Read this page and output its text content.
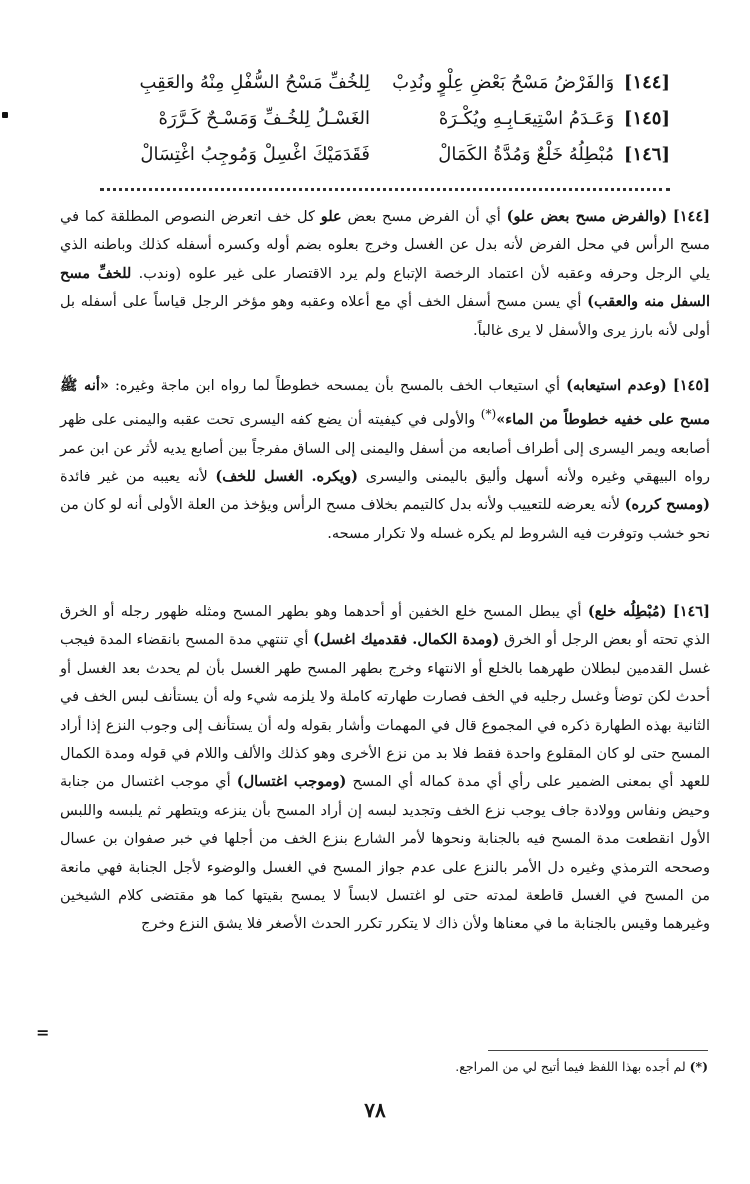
[١٤٤] وَالفَرْضُ مَسْحُ بَعْضِ عِلْوٍ ونُدِبْ
لِلخُفِّ مَسْحُ السُّفْلِ مِنْهُ والعَقِبِ
[١٤٥] وَعَـدَمُ اسْتِيعَـابِـهِ ويُكْـرَهْ
الغَسْـلُ لِلخُـفِّ وَمَسْـحٌ كَـرَّرَهْ
[١٤٦] مُبْطِلُهُ خَلْعٌ وَمُدَّةُ الكَمَالْ
فَقَدَمَيْكَ اغْسِلْ وَمُوجِبُ اغْتِسَالْ
[١٤٤] (والفرض مسح بعض علو) أي أن الفرض مسح بعض علو كل خف اتعرض النصوص المطلقة كما في مسح الرأس في محل الفرض لأنه بدل عن الغسل وخرج بعلوه بضم أوله وكسره أسفله كذلك وباطنه الذي يلي الرجل وحرفه وعقبه لأن اعتماد الرخصة الإتباع ولم يرد الاقتصار على غير علوه (وندب. للخفِّ مسح السفل منه والعقب) أي يسن مسح أسفل الخف أي مع أعلاه وعقبه وهو مؤخر الرجل قياساً على أسفله بل أولى لأنه بارز يرى والأسفل لا يرى غالباً.
[١٤٥] (وعدم استيعابه) أي استيعاب الخف بالمسح بأن يمسحه خطوطاً لما رواه ابن ماجة وغيره: «أنه ﷺ مسح على خفيه خطوطاً من الماء»(*) والأولى في كيفيته أن يضع كفه اليسرى تحت عقبه واليمنى على ظهر أصابعه ويمر اليسرى إلى أطراف أصابعه من أسفل واليمنى إلى الساق مفرجاً بين أصابع يديه لأثر عن ابن عمر رواه البيهقي وغيره ولأنه أسهل وأليق باليمنى واليسرى (ويكره. الغسل للخف) لأنه يعيبه من غير فائدة (ومسح كرره) لأنه يعرضه للتعييب ولأنه بدل كالتيمم بخلاف مسح الرأس ويؤخذ من العلة الأولى أنه لو كان من نحو خشب وتوفرت فيه الشروط لم يكره غسله ولا تكرار مسحه.
[١٤٦] (مُبْطِلُه خلع) أي يبطل المسح خلع الخفين أو أحدهما وهو بطهر المسح ومثله ظهور رجله أو الخرق الذي تحته أو بعض الرجل أو الخرق (ومدة الكمال. فقدميك اغسل) أي تنتهي مدة المسح بانقضاء المدة فيجب غسل القدمين لبطلان طهرهما بالخلع أو الانتهاء وخرج بطهر المسح طهر الغسل بأن لم يحدث بعد الغسل أو أحدث لكن توضأ وغسل رجليه في الخف فصارت طهارته كاملة ولا يلزمه شيء وله أن يستأنف لبس الخف في الثانية بهذه الطهارة ذكره في المجموع قال في المهمات وأشار بقوله وله أن يستأنف إلى وجوب النزع إذا أراد المسح حتى لو كان المقلوع واحدة فقط فلا بد من نزع الأخرى وهو كذلك والألف واللام في قوله ومدة الكمال للعهد أي بمعنى الضمير على رأي أي مدة كماله أي المسح (وموجب اغتسال) أي موجب اغتسال من جنابة وحيض ونفاس وولادة جاف يوجب نزع الخف وتجديد لبسه إن أراد المسح بأن ينزعه ويتطهر ثم يلبسه واللبس الأول انقطعت مدة المسح فيه بالجنابة ونحوها لأمر الشارع بنزع الخف من أجلها في خبر صفوان بن عسال وصححه الترمذي وغيره دل الأمر بالنزع على عدم جواز المسح في الغسل والوضوء لأجل الجنابة فهي مانعة من المسح في الغسل قاطعة لمدته حتى لو اغتسل لابساً لا يمسح بقيتها كما هو مقتضى كلام الشيخين وغيرهما وقيس بالجنابة ما في معناها ولأن ذاك لا يتكرر تكرر الحدث الأصغر فلا يشق النزع وخرج
=
(*) لم أجده بهذا اللفظ فيما أتيح لي من المراجع.
٧٨
